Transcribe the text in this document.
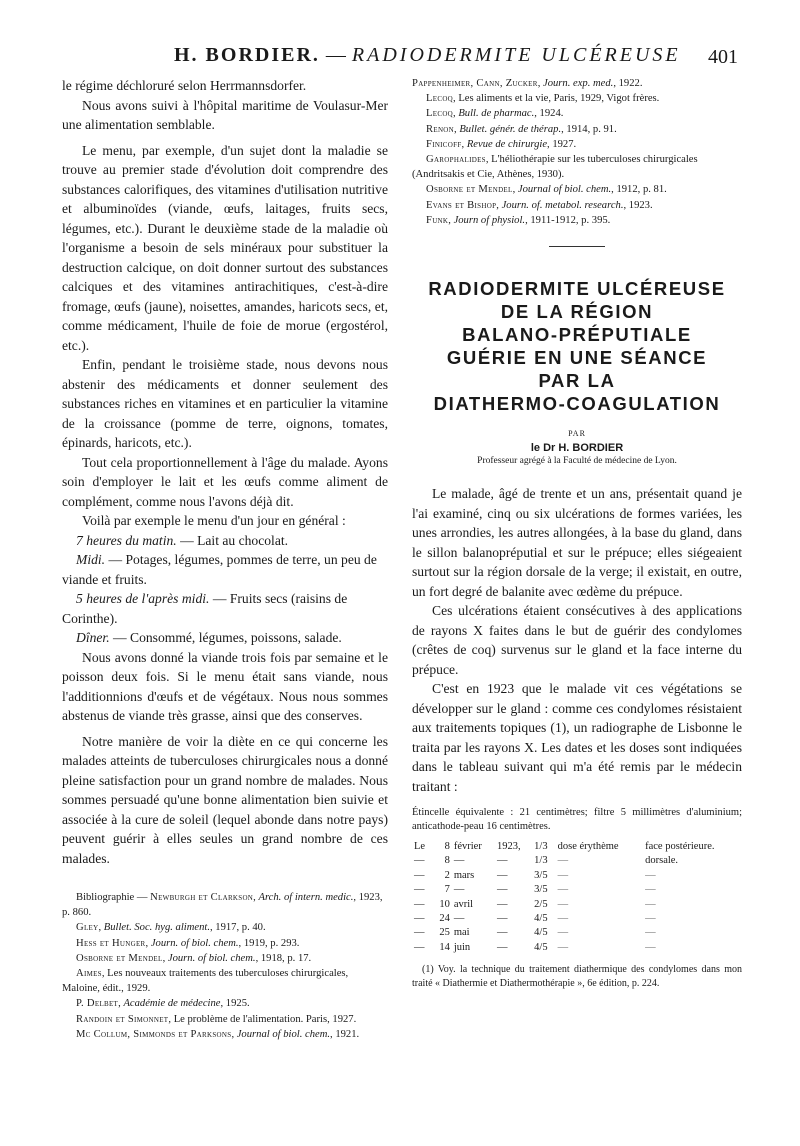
H. BORDIER. — RADIODERMITE ULCÉREUSE 401

le régime déchloruré selon Herrmannsdorfer.

Nous avons suivi à l'hôpital maritime de Voulasur-Mer une alimentation semblable.

Le menu, par exemple, d'un sujet dont la maladie se trouve au premier stade d'évolution doit comprendre des substances calorifiques, des vitamines d'utilisation nutritive et albuminoïdes (viande, œufs, laitages, fruits secs, légumes, etc.). Durant le deuxième stade de la maladie où l'organisme a besoin de sels minéraux pour substituer la destruction calcique, on doit donner surtout des substances calciques et des vitamines antirachitiques, c'est-à-dire fromage, œufs (jaune), noisettes, amandes, haricots secs, et, comme médicament, l'huile de foie de morue (ergostérol, etc.).

Enfin, pendant le troisième stade, nous devons nous abstenir des médicaments et donner seulement des substances riches en vitamines et en particulier la vitamine de la croissance (pomme de terre, oignons, tomates, épinards, haricots, etc.).

Tout cela proportionnellement à l'âge du malade. Ayons soin d'employer le lait et les œufs comme aliment de complément, comme nous l'avons déjà dit.

Voilà par exemple le menu d'un jour en général :

7 heures du matin. — Lait au chocolat.

Midi. — Potages, légumes, pommes de terre, un peu de viande et fruits.

5 heures de l'après midi. — Fruits secs (raisins de Corinthe).

Dîner. — Consommé, légumes, poissons, salade.

Nous avons donné la viande trois fois par semaine et le poisson deux fois. Si le menu était sans viande, nous l'additionnions d'œufs et de végétaux. Nous nous sommes abstenus de viande très grasse, ainsi que des conserves.

Notre manière de voir la diète en ce qui concerne les malades atteints de tuberculoses chirurgicales nous a donné pleine satisfaction pour un grand nombre de malades. Nous sommes persuadé qu'une bonne alimentation bien suivie et associée à la cure de soleil (lequel abonde dans notre pays) peuvent guérir à elles seules un grand nombre de ces malades.

Bibliographie — Newburgh et Clarkson, Arch. of intern. medic., 1923, p. 860.

Gley, Bullet. Soc. hyg. aliment., 1917, p. 40.

Hess et Hunger, Journ. of biol. chem., 1919, p. 293.

Osborne et Mendel, Journ. of biol. chem., 1918, p. 17.

Aimes, Les nouveaux traitements des tuberculoses chirurgicales, Maloine, édit., 1929.

P. Delbet, Académie de médecine, 1925.

Randoin et Simonnet, Le problème de l'alimentation. Paris, 1927.

Mc Collum, Simmonds et Parksons, Journal of biol. chem., 1921.

Pappenheimer, Cann, Zucker, Journ. exp. med., 1922.

Lecoq, Les aliments et la vie, Paris, 1929, Vigot frères.

Lecoq, Bull. de pharmac., 1924.

Renon, Bullet. génér. de thérap., 1914, p. 91.

Finicoff, Revue de chirurgie, 1927.

Garophalides, L'héliothérapie sur les tuberculoses chirurgicales (Andritsakis et Cie, Athènes, 1930).

Osborne et Mendel, Journal of biol. chem., 1912, p. 81.

Evans et Bishop, Journ. of. metabol. research., 1923.

Funk, Journ of physiol., 1911-1912, p. 395.

RADIODERMITE ULCÉREUSE

DE LA RÉGION

BALANO-PRÉPUTIALE

GUÉRIE EN UNE SÉANCE

PAR LA

DIATHERMO-COAGULATION

PAR

le Dr H. BORDIER

Professeur agrégé à la Faculté de médecine de Lyon.

Le malade, âgé de trente et un ans, présentait quand je l'ai examiné, cinq ou six ulcérations de formes variées, les unes arrondies, les autres allongées, à la base du gland, dans le sillon balanopréputial et sur le prépuce; elles siégeaient surtout sur la région dorsale de la verge; il existait, en outre, un fort degré de balanite avec œdème du prépuce.

Ces ulcérations étaient consécutives à des applications de rayons X faites dans le but de guérir des condylomes (crêtes de coq) survenus sur le gland et la face interne du prépuce.

C'est en 1923 que le malade vit ces végétations se développer sur le gland : comme ces condylomes résistaient aux traitements topiques (1), un radiographe de Lisbonne le traita par les rayons X. Les dates et les doses sont indiquées dans le tableau suivant qui m'a été remis par le médecin traitant :

Étincelle équivalente : 21 centimètres; filtre 5 millimètres d'aluminium; anticathode-peau 16 centimètres.

Le	8	février	1923,	1/3	dose érythème	face postérieure.
—	8	—	—	1/3	—	dorsale.
—	2	mars	—	3/5	—	—
—	7	—	—	3/5	—	—
—	10	avril	—	2/5	—	—
—	24	—	—	4/5	—	—
—	25	mai	—	4/5	—	—
—	14	juin	—	4/5	—	—

(1) Voy. la technique du traitement diathermique des condylomes dans mon traité « Diathermie et Diathermothérapie », 6e édition, p. 224.
